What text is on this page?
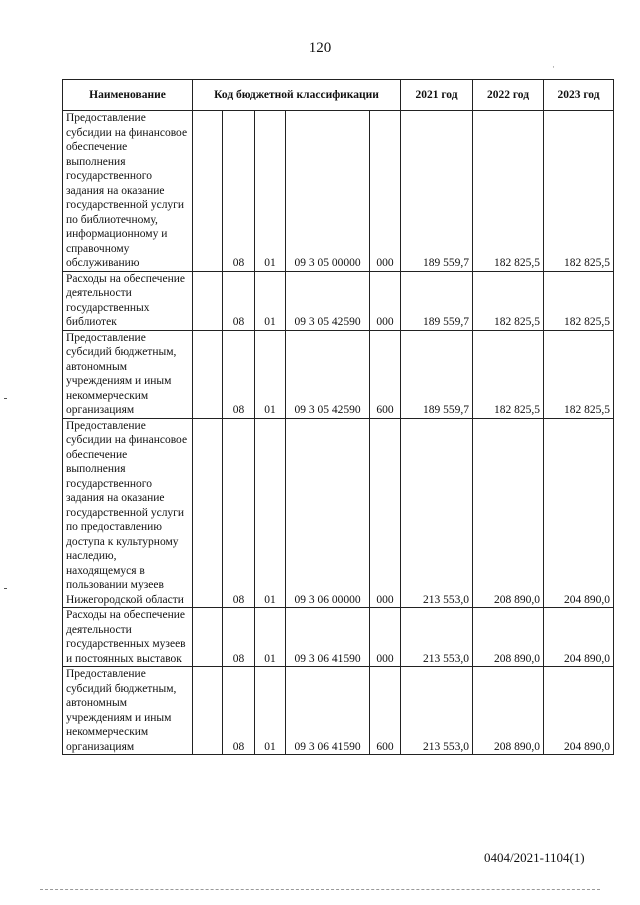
120
·
Наименование	Код бюджетной классификации					2021 год	2022 год	2023 год
Предоставление субсидии на финансовое обеспечение выполнения государственного задания на оказание государственной услуги по библиотечному, информационному и справочному обслуживанию		08	01	09 3 05 00000	000	189 559,7	182 825,5	182 825,5
Расходы на обеспечение деятельности государственных библиотек		08	01	09 3 05 42590	000	189 559,7	182 825,5	182 825,5
Предоставление субсидий бюджетным, автономным учреждениям и иным некоммерческим организациям		08	01	09 3 05 42590	600	189 559,7	182 825,5	182 825,5
Предоставление субсидии на финансовое обеспечение выполнения государственного задания на оказание государственной услуги по предоставлению доступа к культурному наследию, находящемуся в пользовании музеев Нижегородской области		08	01	09 3 06 00000	000	213 553,0	208 890,0	204 890,0
Расходы на обеспечение деятельности государственных музеев и постоянных выставок		08	01	09 3 06 41590	000	213 553,0	208 890,0	204 890,0
Предоставление субсидий бюджетным, автономным учреждениям и иным некоммерческим организациям		08	01	09 3 06 41590	600	213 553,0	208 890,0	204 890,0
0404/2021-1104(1)
